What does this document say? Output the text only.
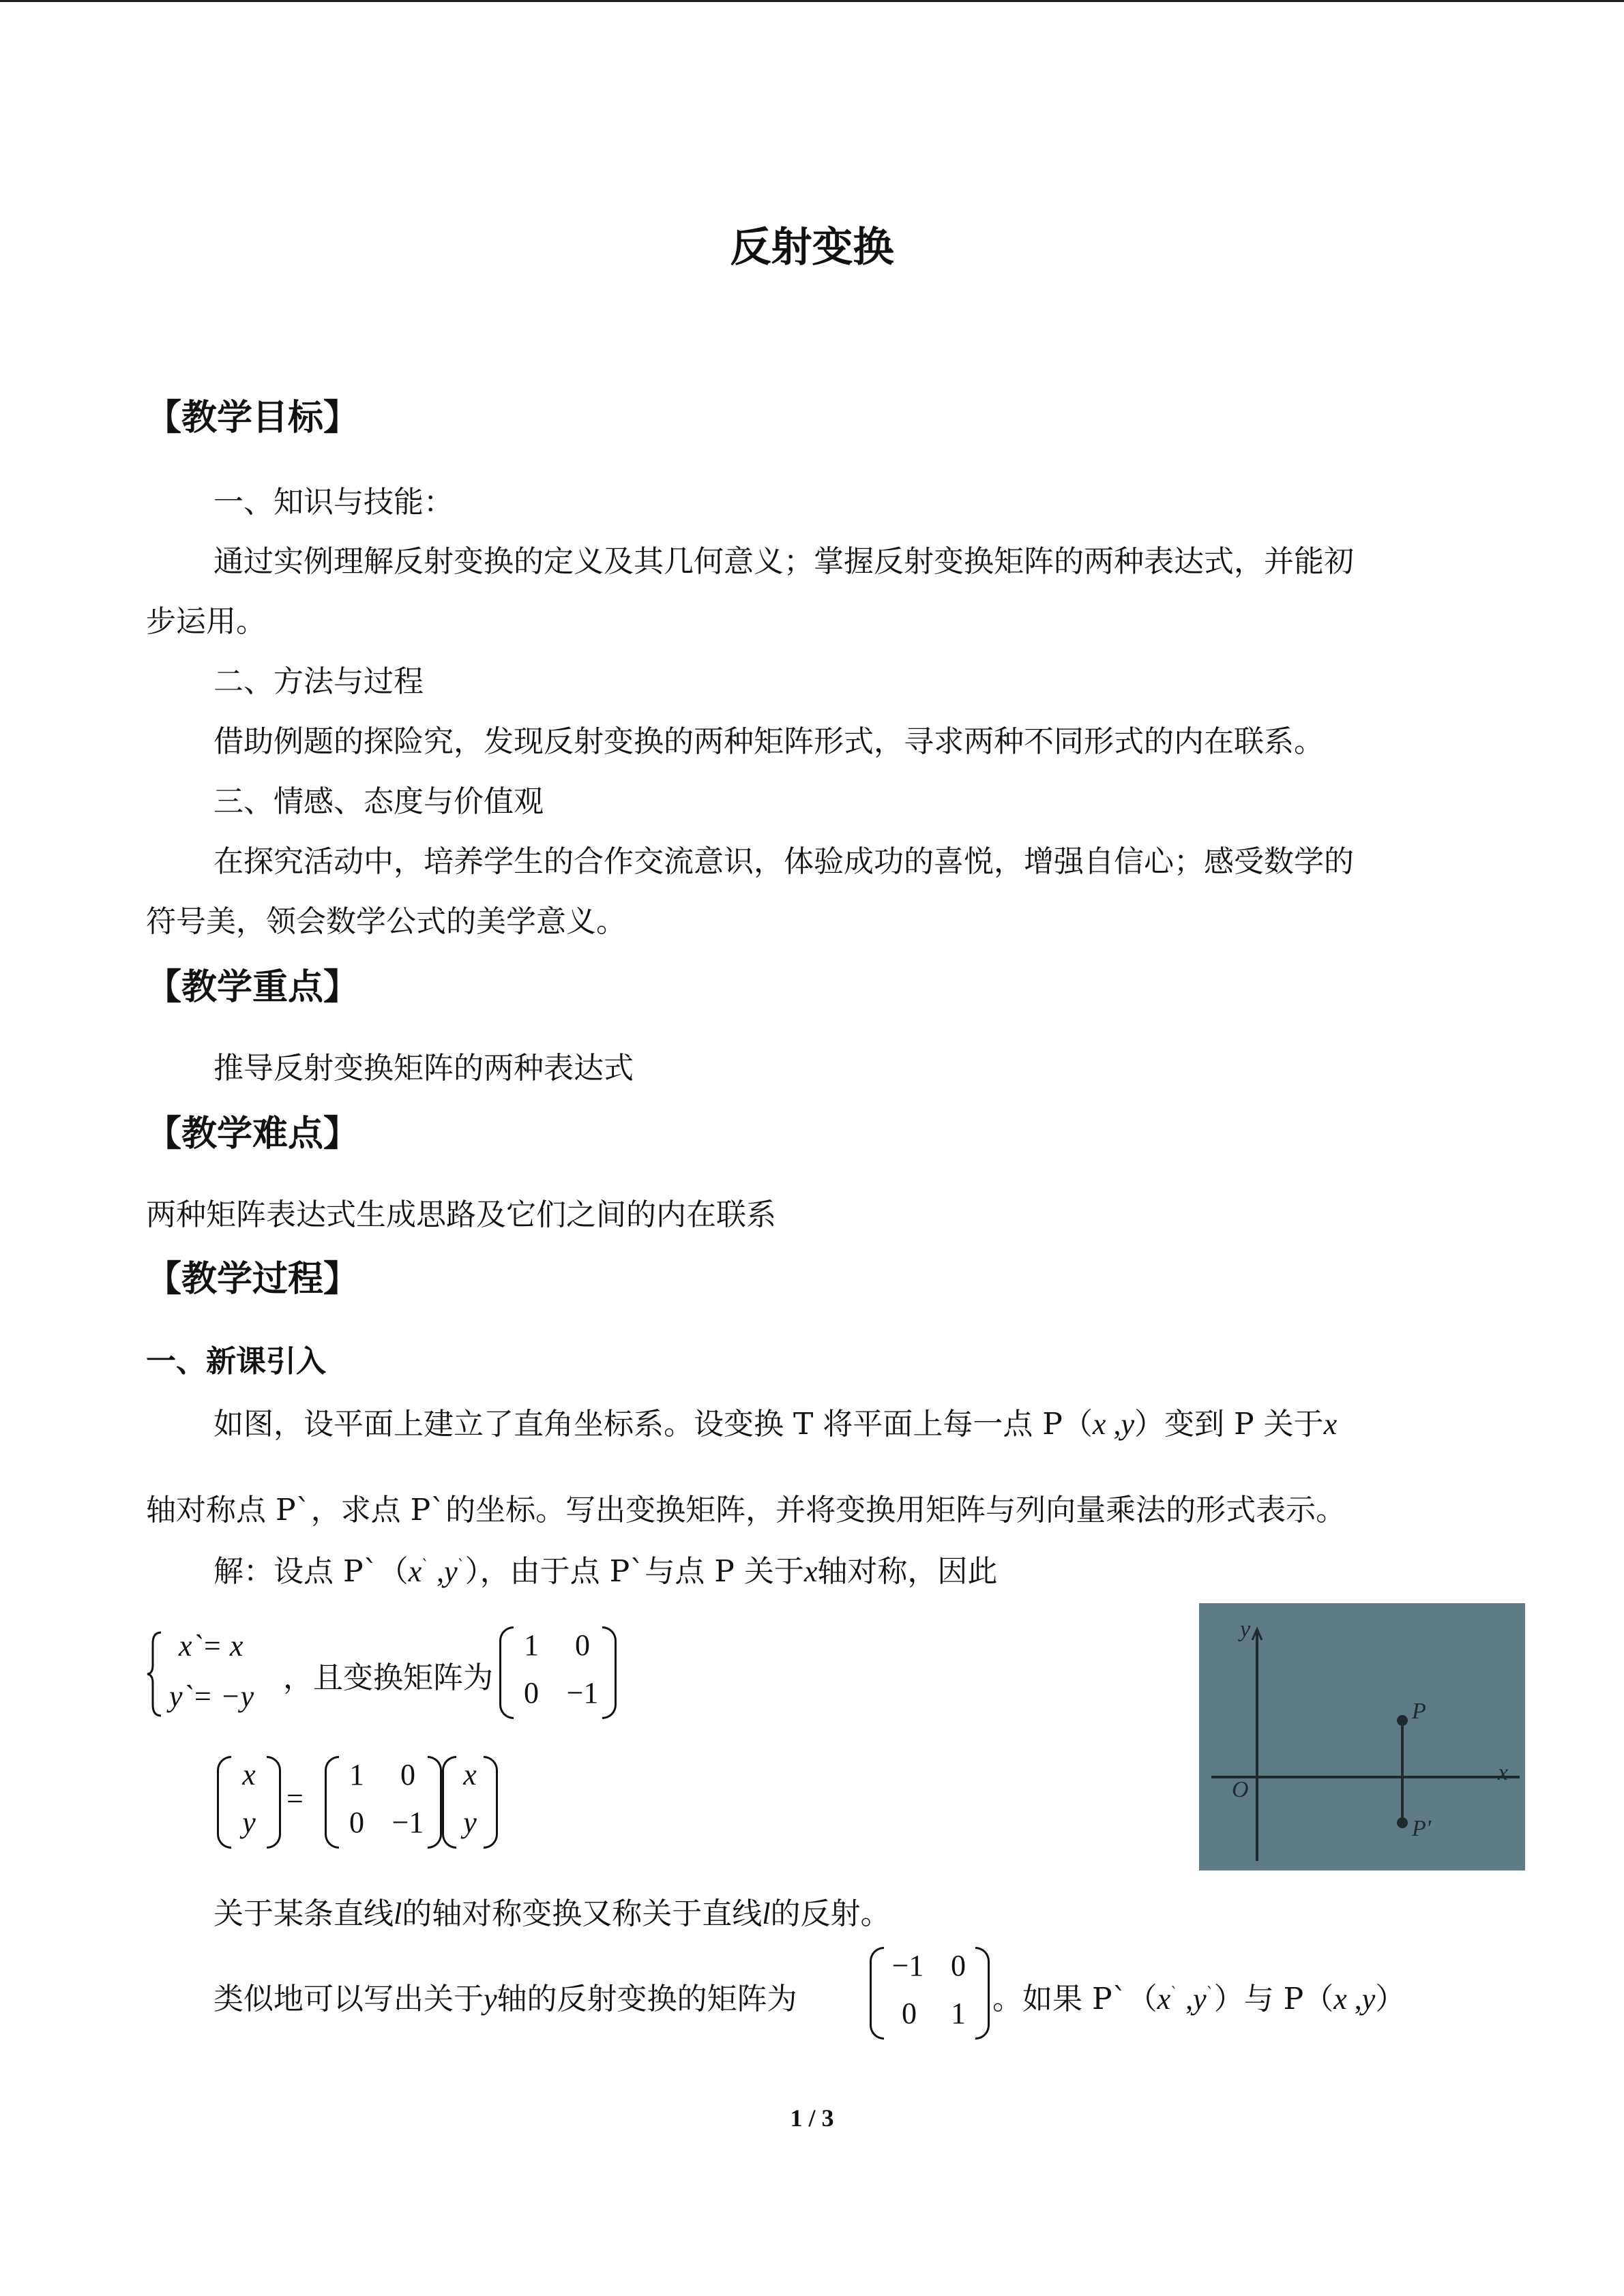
反射变换
【教学目标】
一、知识与技能：
通过实例理解反射变换的定义及其几何意义；掌握反射变换矩阵的两种表达式，并能初
步运用。
二、方法与过程
借助例题的探险究，发现反射变换的两种矩阵形式，寻求两种不同形式的内在联系。
三、情感、态度与价值观
在探究活动中，培养学生的合作交流意识，体验成功的喜悦，增强自信心；感受数学的
符号美，领会数学公式的美学意义。
【教学重点】
推导反射变换矩阵的两种表达式
【教学难点】
两种矩阵表达式生成思路及它们之间的内在联系
【教学过程】
一、新课引入
如图，设平面上建立了直角坐标系。设变换 T 将平面上每一点 P（x ,y）变到 P 关于x
轴对称点 P`，求点 P`的坐标。写出变换矩阵，并将变换用矩阵与列向量乘法的形式表示。
解：设点 P`（x` ,y`），由于点 P`与点 P 关于x轴对称，因此
x`= x
y`= −y
，且变换矩阵为
1	0
0 −1
x
y
=
1	0
0 −1
x
y
y
x
O
P
P′
关于某条直线l的轴对称变换又称关于直线l的反射。
类似地可以写出关于y轴的反射变换的矩阵为
−1 0
0	1 。如果 P`（x` ,y`）与 P（x ,y）
1 / 3
